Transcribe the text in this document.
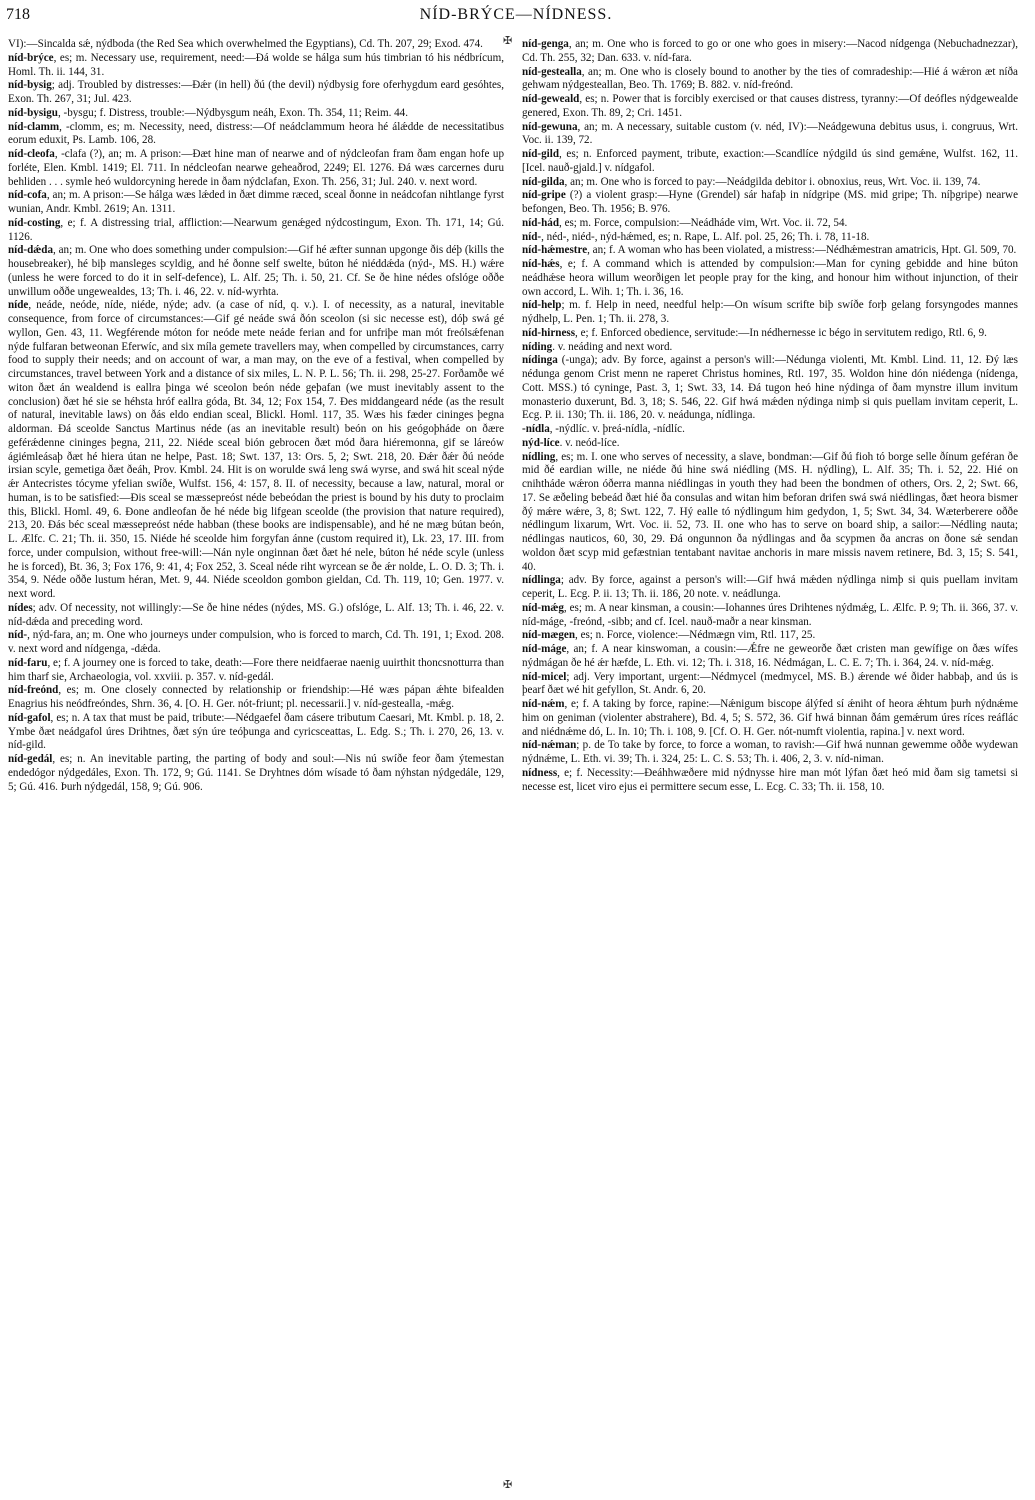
718	NÍD-BRÝCE—NÍDNESS.

VI):—Sincalda sǽ, nýdboda (the Red Sea which overwhelmed the Egyptians), Cd. Th. 207, 29; Exod. 474.

níd-brýce, es; m. Necessary use, requirement, need:—Ðá wolde se hálga sum hús timbrian tó his nédbrícum, Homl. Th. ii. 144, 31.

níd-bysig; adj. Troubled by distresses:—Ðǽr (in hell) ðú (the devil) nýdbysig fore oferhygdum eard gesóhtes, Exon. Th. 267, 31; Jul. 423.

níd-bysigu, -bysgu; f. Distress, trouble:—Nýdbysgum neáh, Exon. Th. 354, 11; Reim. 44.

níd-clamm, -clomm, es; m. Necessity, need, distress:—Of neádclammum heora hé álǽdde de necessitatibus eorum eduxit, Ps. Lamb. 106, 28.

níd-cleofa, -clafa (?), an; m. A prison:—Ðæt hine man of nearwe and of nýdcleofan fram ðam engan hofe up forléte, Elen. Kmbl. 1419; El. 711. In nédcleofan nearwe geheaðrod, 2249; El. 1276. Ðá wæs carcernes duru behliden . . . symle heó wuldorcyning herede in ðam nýdclafan, Exon. Th. 256, 31; Jul. 240. v. next word.

níd-cofa, an; m. A prison:—Se hálga wæs lǽded in ðæt dimme ræced, sceal ðonne in neádcofan nihtlange fyrst wunian, Andr. Kmbl. 2619; An. 1311.

níd-costing, e; f. A distressing trial, affliction:—Nearwum genǽged nýdcostingum, Exon. Th. 171, 14; Gú. 1126.

níd-dǽda, an; m. One who does something under compulsion:—Gif hé æfter sunnan upgonge ðis déþ (kills the housebreaker), hé biþ mansleges scyldig, and hé ðonne self swelte, búton hé niéddǽda (nýd-, MS. H.) wǽre (unless he were forced to do it in self-defence), L. Alf. 25; Th. i. 50, 21. Cf. Se ðe hine nédes ofslóge oððe unwillum oððe ungewealdes, 13; Th. i. 46, 22. v. níd-wyrhta.

níde, neáde, neóde, níde, niéde, nýde; adv. (a case of níd, q. v.). I. of necessity, as a natural, inevitable consequence, from force of circumstances:—Gif gé neáde swá ðón sceolon (si sic necesse est), dóþ swá gé wyllon, Gen. 43, 11. Wegférende móton for neóde mete neáde ferian and for unfriþe man mót freólsǽfenan nýde fulfaran betweonan Eferwíc, and six míla gemete travellers may, when compelled by circumstances, carry food to supply their needs; and on account of war, a man may, on the eve of a festival, when compelled by circumstances, travel between York and a distance of six miles, L. N. P. L. 56; Th. ii. 298, 25-27. Forðamðe wé witon ðæt án wealdend is eallra þinga wé sceolon beón néde geþafan (we must inevitably assent to the conclusion) ðæt hé sie se héhsta hróf eallra góda, Bt. 34, 12; Fox 154, 7. Ðes middangeard néde (as the result of natural, inevitable laws) on ðás eldo endian sceal, Blickl. Homl. 117, 35. Wæs his fæder cininges þegna aldorman. Ðá sceolde Sanctus Martinus néde (as an inevitable result) beón on his geógoþháde on ðære geférǽdenne cininges þegna, 211, 22. Niéde sceal bión gebrocen ðæt mód ðara hiéremonna, gif se láreów ágiémleásaþ ðæt hé hiera útan ne helpe, Past. 18; Swt. 137, 13: Ors. 5, 2; Swt. 218, 20. Ðǽr ðǽr ðú neóde irsian scyle, gemetiga ðæt ðeáh, Prov. Kmbl. 24. Hit is on worulde swá leng swá wyrse, and swá hit sceal nýde ǽr Antecristes tócyme yfelian swíðe, Wulfst. 156, 4: 157, 8. II. of necessity, because a law, natural, moral or human, is to be satisfied:—Ðis sceal se mæssepreóst néde bebeódan the priest is bound by his duty to proclaim this, Blickl. Homl. 49, 6. Ðone andleofan ðe hé néde big lifgean sceolde (the provision that nature required), 213, 20. Ðás béc sceal mæssepreóst néde habban (these books are indispensable), and hé ne mæg bútan beón, L. Ælfc. C. 21; Th. ii. 350, 15. Niéde hé sceolde him forgyfan ánne (custom required it), Lk. 23, 17. III. from force, under compulsion, without free-will:—Nán nyle onginnan ðæt ðæt hé nele, búton hé néde scyle (unless he is forced), Bt. 36, 3; Fox 176, 9: 41, 4; Fox 252, 3. Sceal néde riht wyrcean se ðe ǽr nolde, L. O. D. 3; Th. i. 354, 9. Néde oððe lustum héran, Met. 9, 44. Niéde sceoldon gombon gieldan, Cd. Th. 119, 10; Gen. 1977. v. next word.

nídes; adv. Of necessity, not willingly:—Se ðe hine nédes (nýdes, MS. G.) ofslóge, L. Alf. 13; Th. i. 46, 22. v. níd-dǽda and preceding word.

níd-, nýd-fara, an; m. One who journeys under compulsion, who is forced to march, Cd. Th. 191, 1; Exod. 208. v. next word and nídgenga, -dǽda.

níd-faru, e; f. A journey one is forced to take, death:—Fore there neidfaerae naenig uuirthit thoncsnotturra than him tharf sie, Archaeologia, vol. xxviii. p. 357. v. níd-gedál.

níd-freónd, es; m. One closely connected by relationship or friendship:—Hé wæs pápan ǽhte bifealden Enagrius his neódfreóndes, Shrn. 36, 4. [O. H. Ger. nót-friunt; pl. necessarii.] v. níd-gestealla, -mǽg.

níd-gafol, es; n. A tax that must be paid, tribute:—Nédgaefel ðam cásere tributum Caesari, Mt. Kmbl. p. 18, 2. Ymbe ðæt neádgafol úres Drihtnes, ðæt sýn úre teóþunga and cyricsceattas, L. Edg. S.; Th. i. 270, 26, 13. v. níd-gild.

níd-gedál, es; n. An inevitable parting, the parting of body and soul:—Nis nú swíðe feor ðam ýtemestan endedógor nýdgedáles, Exon. Th. 172, 9; Gú. 1141. Se Dryhtnes dóm wísade tó ðam nýhstan nýdgedále, 129, 5; Gú. 416. Þurh nýdgedál, 158, 9; Gú. 906.

✠ níd-genga, an; m. One who is forced to go or one who goes in misery:—Nacod nídgenga (Nebuchadnezzar), Cd. Th. 255, 32; Dan. 633. v. níd-fara.

níd-gestealla, an; m. One who is closely bound to another by the ties of comradeship:—Hié á wǽron æt níða gehwam nýdgesteallan, Beo. Th. 1769; B. 882. v. níd-freónd.

níd-geweald, es; n. Power that is forcibly exercised or that causes distress, tyranny:—Of deófles nýdgewealde genered, Exon. Th. 89, 2; Cri. 1451.

níd-gewuna, an; m. A necessary, suitable custom (v. néd, IV):—Neádgewuna debitus usus, i. congruus, Wrt. Voc. ii. 139, 72.

níd-gild, es; n. Enforced payment, tribute, exaction:—Scandlíce nýdgild ús sind gemǽne, Wulfst. 162, 11. [Icel. nauð-gjald.] v. nídgafol.

níd-gilda, an; m. One who is forced to pay:—Neádgilda debitor i. obnoxius, reus, Wrt. Voc. ii. 139, 74.

níd-gripe (?) a violent grasp:—Hyne (Grendel) sár hafaþ in nídgripe (MS. mid gripe; Th. níþgripe) nearwe befongen, Beo. Th. 1956; B. 976.

níd-hád, es; m. Force, compulsion:—Neádháde vim, Wrt. Voc. ii. 72, 54.

níd-, néd-, niéd-, nýd-hǽmed, es; n. Rape, L. Alf. pol. 25, 26; Th. i. 78, 11-18.

níd-hǽmestre, an; f. A woman who has been violated, a mistress:—Nédhǽmestran amatricis, Hpt. Gl. 509, 70.

níd-hǽs, e; f. A command which is attended by compulsion:—Man for cyning gebidde and hine búton neádhǽse heora willum weorðigen let people pray for the king, and honour him without injunction, of their own accord, L. Wih. 1; Th. i. 36, 16.

níd-help; m. f. Help in need, needful help:—On wísum scrifte biþ swíðe forþ gelang forsyngodes mannes nýdhelp, L. Pen. 1; Th. ii. 278, 3.

níd-hirness, e; f. Enforced obedience, servitude:—In nédhernesse ic bégo in servitutem redigo, Rtl. 6, 9.

níding. v. neáding and next word.

nídinga (-unga); adv. By force, against a person's will:—Nédunga violenti, Mt. Kmbl. Lind. 11, 12. Ðý læs nédunga genom Crist menn ne raperet Christus homines, Rtl. 197, 35. Woldon hine dón niédenga (nídenga, Cott. MSS.) tó cyninge, Past. 3, 1; Swt. 33, 14. Ðá tugon heó hine nýdinga of ðam mynstre illum invitum monasterio duxerunt, Bd. 3, 18; S. 546, 22. Gif hwá mǽden nýdinga nimþ si quis puellam invitam ceperit, L. Ecg. P. ii. 130; Th. ii. 186, 20. v. neádunga, nídlinga.

-nídla, -nýdlíc. v. þreá-nídla, -nídlíc.

nýd-líce. v. neód-líce.

nídling, es; m. I. one who serves of necessity, a slave, bondman:—Gif ðú fioh tó borge selle ðínum geféran ðe mid ðé eardian wille, ne niéde ðú hine swá niédling (MS. H. nýdling), L. Alf. 35; Th. i. 52, 22. Hié on cnihtháde wǽron óðerra manna niédlingas in youth they had been the bondmen of others, Ors. 2, 2; Swt. 66, 17. Se æðeling bebeád ðæt hié ða consulas and witan him beforan drifen swá swá niédlingas, ðæt heora bismer ðý mǽre wǽre, 3, 8; Swt. 122, 7. Hý ealle tó nýdlingum him gedydon, 1, 5; Swt. 34, 34. Wæterberere oððe nédlingum lixarum, Wrt. Voc. ii. 52, 73. II. one who has to serve on board ship, a sailor:—Nédling nauta; nédlingas nauticos, 60, 30, 29. Ðá ongunnon ða nýdlingas and ða scypmen ða ancras on ðone sǽ sendan woldon ðæt scyp mid gefæstnian tentabant navitae anchoris in mare missis navem retinere, Bd. 3, 15; S. 541, 40.

nídlinga; adv. By force, against a person's will:—Gif hwá mǽden nýdlinga nimþ si quis puellam invitam ceperit, L. Ecg. P. ii. 13; Th. ii. 186, 20 note. v. neádlunga.

níd-mǽg, es; m. A near kinsman, a cousin:—Iohannes úres Drihtenes nýdmǽg, L. Ælfc. P. 9; Th. ii. 366, 37. v. níd-máge, -freónd, -sibb; and cf. Icel. nauð-maðr a near kinsman.

níd-mægen, es; n. Force, violence:—Nédmægn vim, Rtl. 117, 25.

níd-máge, an; f. A near kinswoman, a cousin:—Ǽfre ne geweorðe ðæt cristen man gewífige on ðæs wífes nýdmágan ðe hé ǽr hæfde, L. Eth. vi. 12; Th. i. 318, 16. Nédmágan, L. C. E. 7; Th. i. 364, 24. v. níd-mǽg.

níd-micel; adj. Very important, urgent:—Nédmycel (medmycel, MS. B.) ǽrende wé ðider habbaþ, and ús is þearf ðæt wé hit gefyllon, St. Andr. 6, 20.

níd-nǽm, e; f. A taking by force, rapine:—Nǽnigum biscope álýfed sí ǽniht of heora ǽhtum þurh nýdnǽme him on geniman (violenter abstrahere), Bd. 4, 5; S. 572, 36. Gif hwá binnan ðám gemǽrum úres ríces reáflác and niédnǽme dó, L. In. 10; Th. i. 108, 9. [Cf. O. H. Ger. nót-numft violentia, rapina.] v. next word.

níd-nǽman; p. de To take by force, to force a woman, to ravish:—Gif hwá nunnan gewemme oððe wydewan nýdnǽme, L. Eth. vi. 39; Th. i. 324, 25: L. C. S. 53; Th. i. 406, 2, 3. v. níd-niman.

nídness, e; f. Necessity:—Ðeáhhwæðere mid nýdnysse hire man mót lýfan ðæt heó mid ðam sig tametsi si necesse est, licet viro ejus ei permittere secum esse, L. Ecg. C. 33; Th. ii. 158, 10.

✠
